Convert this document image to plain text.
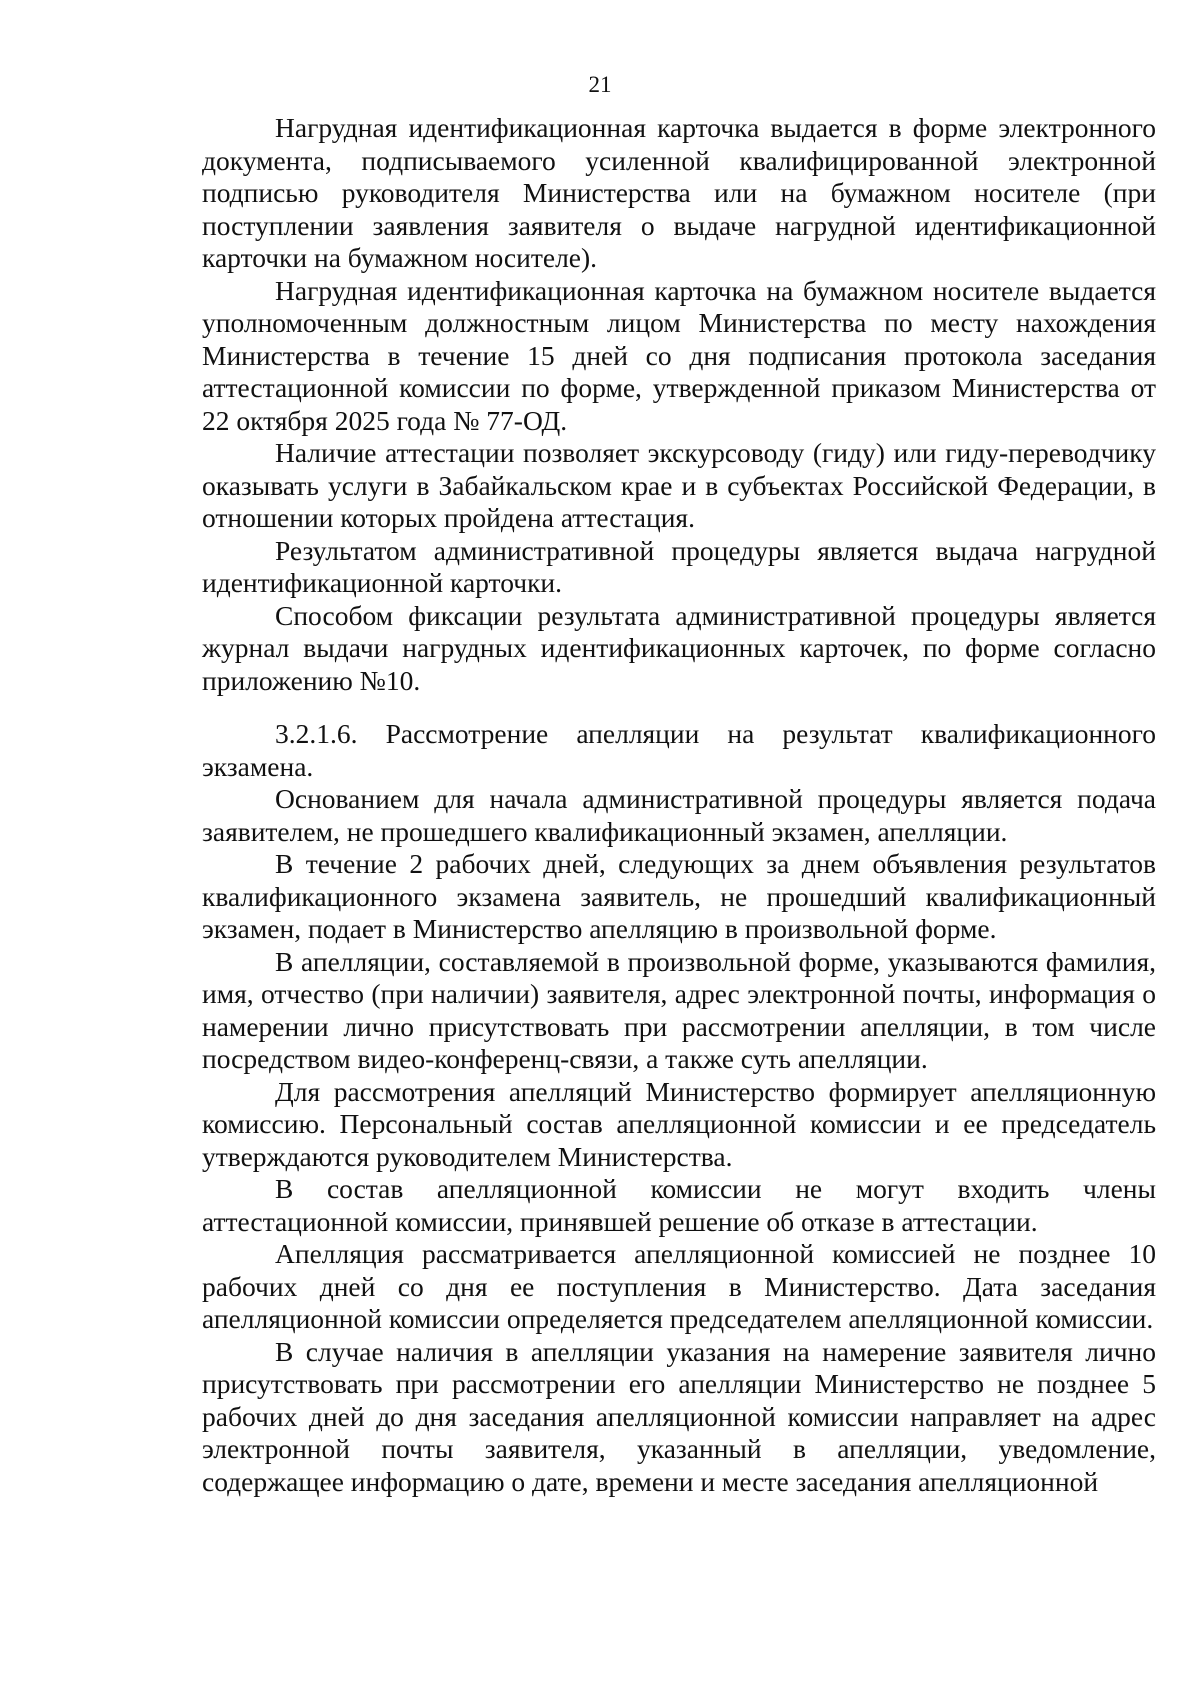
21

Нагрудная идентификационная карточка выдается в форме электронного документа, подписываемого усиленной квалифицированной электронной подписью руководителя Министерства или на бумажном носителе (при поступлении заявления заявителя о выдаче нагрудной идентификационной карточки на бумажном носителе).

Нагрудная идентификационная карточка на бумажном носителе выдается уполномоченным должностным лицом Министерства по месту нахождения Министерства в течение 15 дней со дня подписания протокола заседания аттестационной комиссии по форме, утвержденной приказом Министерства от 22 октября 2025 года № 77-ОД.

Наличие аттестации позволяет экскурсоводу (гиду) или гиду-переводчику оказывать услуги в Забайкальском крае и в субъектах Российской Федерации, в отношении которых пройдена аттестация.

Результатом административной процедуры является выдача нагрудной идентификационной карточки.

Способом фиксации результата административной процедуры является журнал выдачи нагрудных идентификационных карточек, по форме согласно приложению №10.

3.2.1.6. Рассмотрение апелляции на результат квалификационного экзамена.

Основанием для начала административной процедуры является подача заявителем, не прошедшего квалификационный экзамен, апелляции.

В течение 2 рабочих дней, следующих за днем объявления результатов квалификационного экзамена заявитель, не прошедший квалификационный экзамен, подает в Министерство апелляцию в произвольной форме.

В апелляции, составляемой в произвольной форме, указываются фамилия, имя, отчество (при наличии) заявителя, адрес электронной почты, информация о намерении лично присутствовать при рассмотрении апелляции, в том числе посредством видео-конференц-связи, а также суть апелляции.

Для рассмотрения апелляций Министерство формирует апелляционную комиссию. Персональный состав апелляционной комиссии и ее председатель утверждаются руководителем Министерства.

В состав апелляционной комиссии не могут входить члены аттестационной комиссии, принявшей решение об отказе в аттестации.

Апелляция рассматривается апелляционной комиссией не позднее 10 рабочих дней со дня ее поступления в Министерство. Дата заседания апелляционной комиссии определяется председателем апелляционной комиссии.

В случае наличия в апелляции указания на намерение заявителя лично присутствовать при рассмотрении его апелляции Министерство не позднее 5 рабочих дней до дня заседания апелляционной комиссии направляет на адрес электронной почты заявителя, указанный в апелляции, уведомление, содержащее информацию о дате, времени и месте заседания апелляционной
